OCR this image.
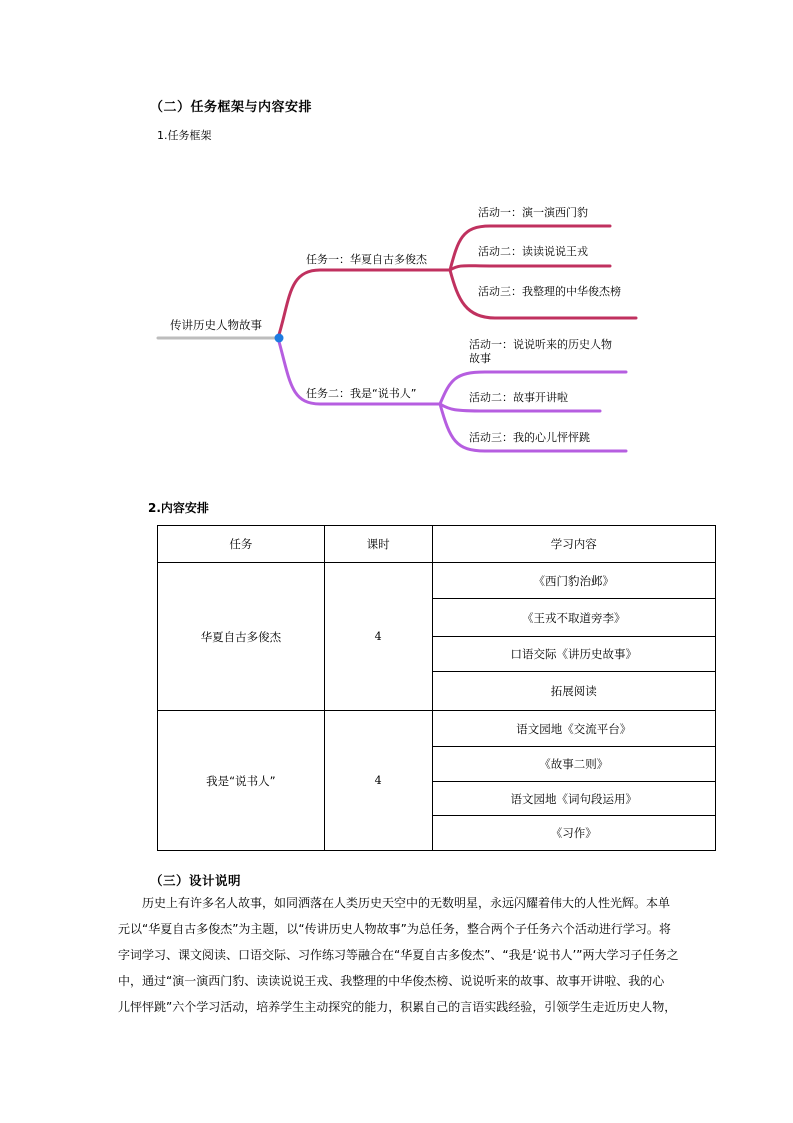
（二）任务框架与内容安排
1.任务框架
传讲历史人物故事
任务一：华夏自古多俊杰
活动一：演一演西门豹
活动二：读读说说王戎
活动三：我整理的中华俊杰榜
任务二：我是“说书人”
活动一：说说听来的历史人物故事
活动二：故事开讲啦
活动三：我的心儿怦怦跳
2.内容安排
任务	课时	学习内容
华夏自古多俊杰	4	《西门豹治邺》
		《王戎不取道旁李》
		口语交际《讲历史故事》
		拓展阅读
我是“说书人”	4	语文园地《交流平台》
		《故事二则》
		语文园地《词句段运用》
		《习作》
（三）设计说明

　　历史上有许多名人故事，如同洒落在人类历史天空中的无数明星，永远闪耀着伟大的人性光辉。本单

元以“华夏自古多俊杰”为主题，以“传讲历史人物故事”为总任务，整合两个子任务六个活动进行学习。将

字词学习、课文阅读、口语交际、习作练习等融合在“华夏自古多俊杰”、“我是‘说书人’”两大学习子任务之

中，通过“演一演西门豹、读读说说王戎、我整理的中华俊杰榜、说说听来的故事、故事开讲啦、我的心

儿怦怦跳”六个学习活动，培养学生主动探究的能力，积累自己的言语实践经验，引领学生走近历史人物，
